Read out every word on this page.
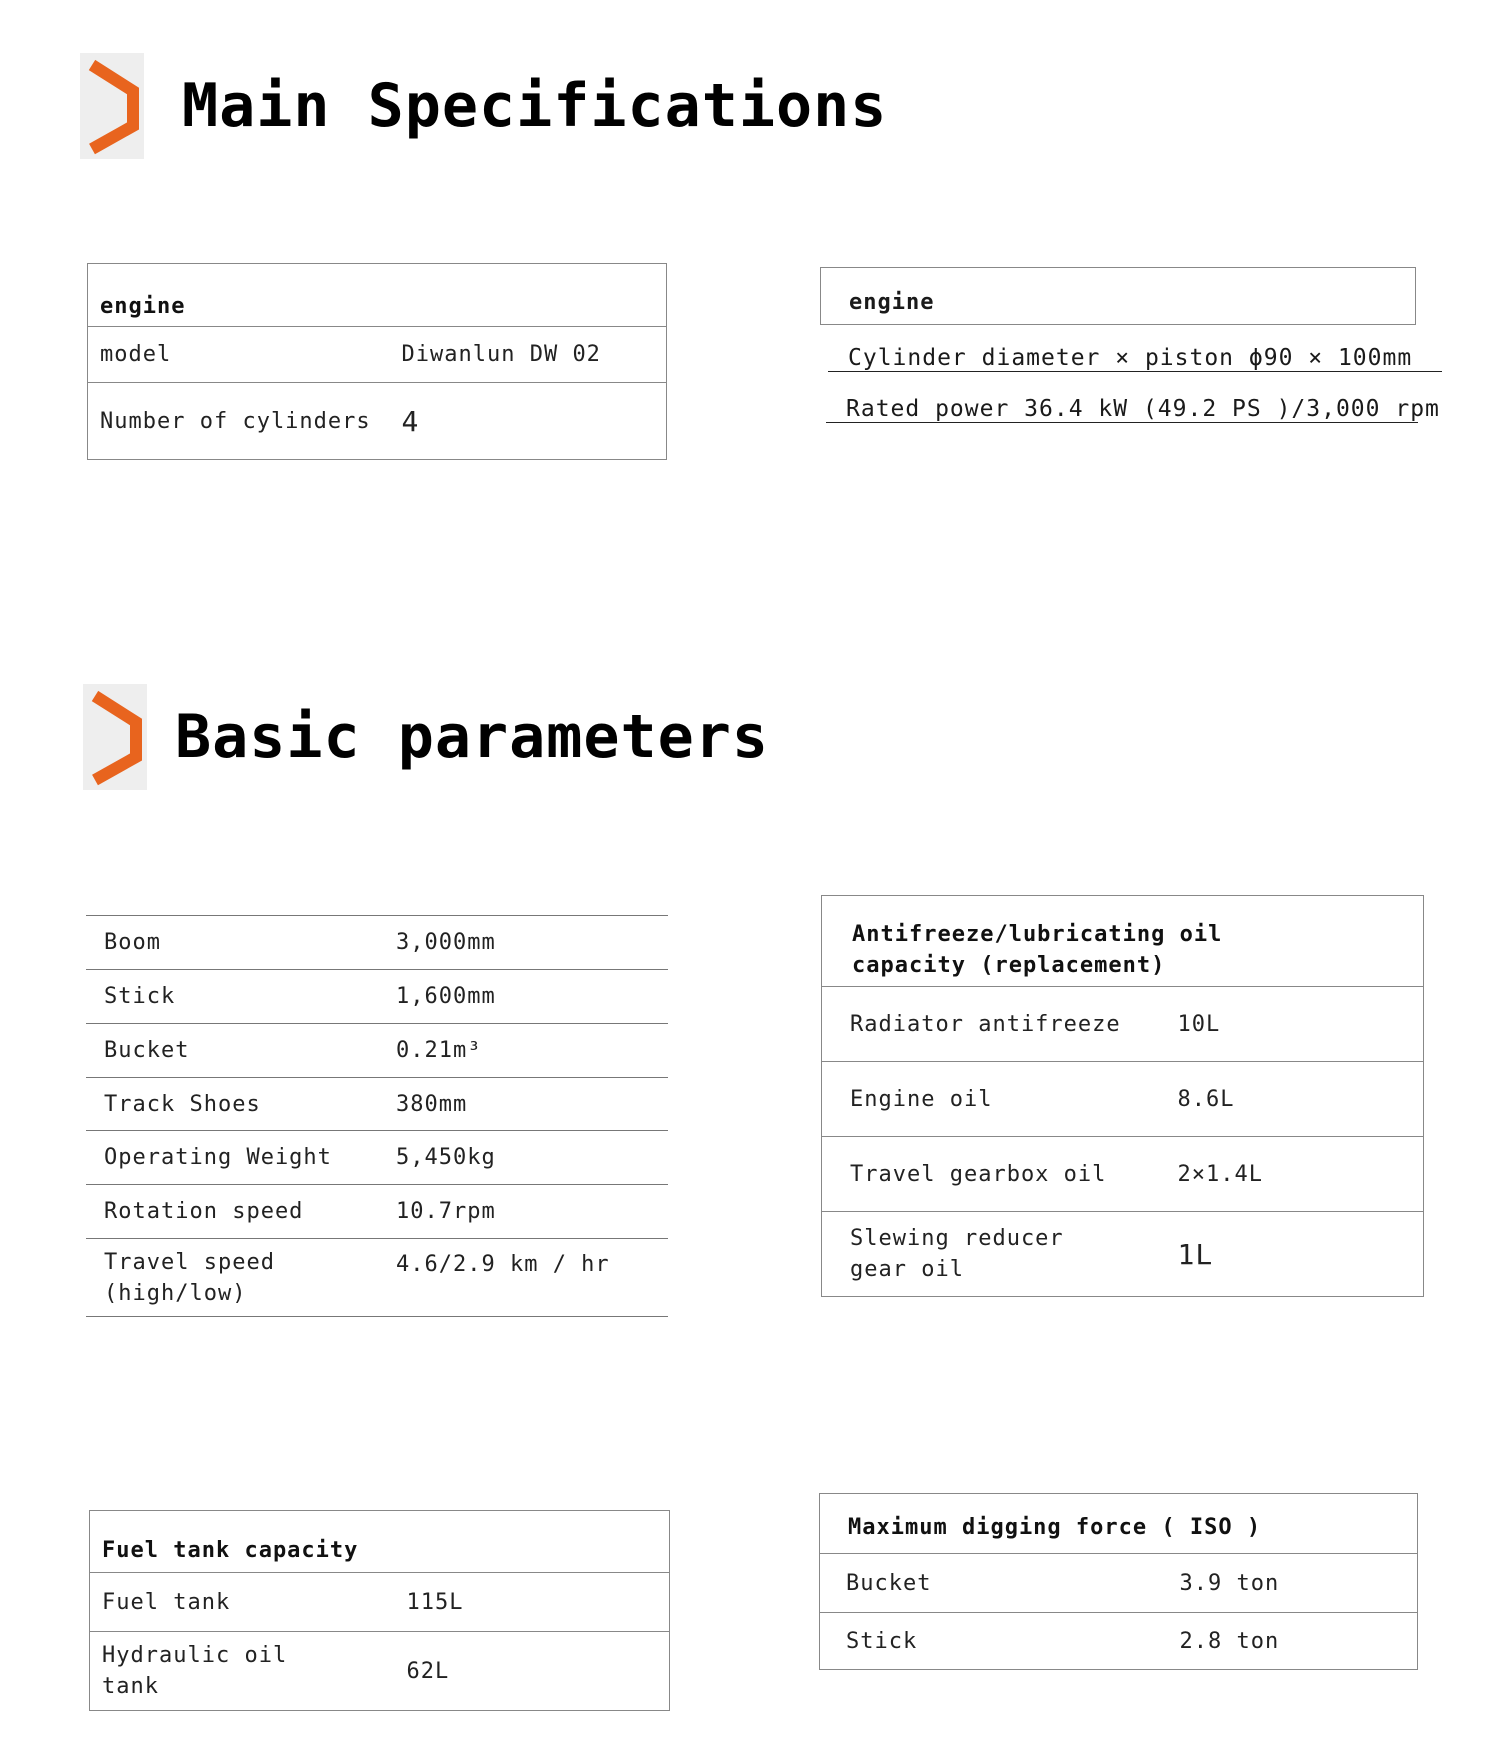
Main Specifications
engine	
model	Diwanlun DW 02
Number of cylinders	4
engine
Cylinder diameter × piston ϕ90 × 100mm
Rated power 36.4 kW (49.2 PS )/3,000 rpm
Basic parameters
Boom	3,000mm
Stick	1,600mm
Bucket	0.21m³
Track Shoes	380mm
Operating Weight	5,450kg
Rotation speed	10.7rpm
Travel speed (high/low)	4.6/2.9 km / hr
Antifreeze/lubricating oil capacity (replacement)	
Radiator antifreeze	10L
Engine oil	8.6L
Travel gearbox oil	2×1.4L
Slewing reducer gear oil	1L
Fuel tank capacity	
Fuel tank	115L
Hydraulic oil tank	62L
Maximum digging force ( ISO )	
Bucket	3.9 ton
Stick	2.8 ton
